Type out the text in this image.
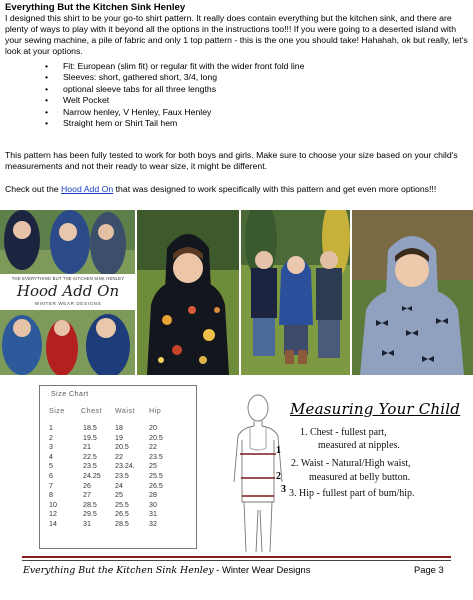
Everything But the Kitchen Sink Henley
I designed this shirt to be your go-to shirt pattern. It really does contain everything but the kitchen sink, and there are plenty of ways to play with it beyond all the options in the instructions too!!! If you were going to a deserted island with your sewing machine, a pile of fabric and only 1 top pattern - this is the one you should take! Hahahah, ok but really, let's look at your options.
• Fit: European (slim fit) or regular fit with the wider front fold line
• Sleeves: short, gathered short, 3/4, long
• optional sleeve tabs for all three lengths
• Welt Pocket
• Narrow henley, V Henley, Faux Henley
• Straight hem or Shirt Tail hem
This pattern has been fully tested to work for both boys and girls. Make sure to choose your size based on your child's measurements and not their ready to wear size, it might be different.
Check out the Hood Add On that was designed to work specifically with this pattern and get even more options!!!
THE EVERYTHING BUT THE KITCHEN SINK HENLEY
Hood Add On
WINTER WEAR DESIGNS
Size Chart
Size	Chest	Waist	Hip

1	18.5	18	20
2	19.5	19	20.5
3	21	20.5	22
4	22.5	22	23.5
5	23.5	23.24.	25
6	24.25	23.5	25.5
7	26	24	26.5
8	27	25	28
10	28.5	25.5	30
12	29.5	26.5	31
14	31	28.5	32
1
2
3
Measuring Your Child
1. Chest - fullest part,
measured at nipples.
2. Waist - Natural/High waist,
measured at belly button.
3. Hip - fullest part of bum/hip.
Everything But the Kitchen Sink Henley - Winter Wear Designs	Page 3
